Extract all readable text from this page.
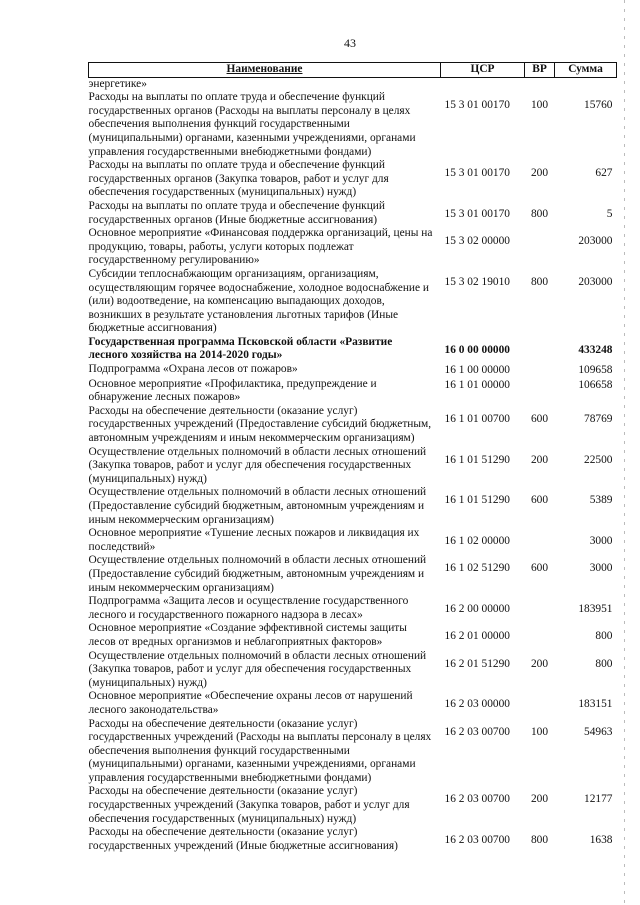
43
Наименование	ЦСР	ВР	Сумма
энергетике»			
Расходы на выплаты по оплате труда и обеспечение функций государственных органов (Расходы на выплаты персоналу в целях обеспечения выполнения функций государственными (муниципальными) органами, казенными учреждениями, органами управления государственными внебюджетными фондами)	15 3 01 00170	100	15760
Расходы на выплаты по оплате труда и обеспечение функций государственных органов (Закупка товаров, работ и услуг для обеспечения государственных (муниципальных) нужд)	15 3 01 00170	200	627
Расходы на выплаты по оплате труда и обеспечение функций государственных органов (Иные бюджетные ассигнования)	15 3 01 00170	800	5
Основное мероприятие «Финансовая поддержка организаций, цены на продукцию, товары, работы, услуги которых подлежат государственному регулированию»	15 3 02 00000		203000
Субсидии теплоснабжающим организациям, организациям, осуществляющим горячее водоснабжение, холодное водоснабжение и (или) водоотведение, на компенсацию выпадающих доходов, возникших в результате установления льготных тарифов (Иные бюджетные ассигнования)	15 3 02 19010	800	203000
Государственная программа Псковской области «Развитие лесного хозяйства на 2014-2020 годы»	16 0 00 00000		433248
Подпрограмма «Охрана лесов от пожаров»	16 1 00 00000		109658
Основное мероприятие «Профилактика, предупреждение и обнаружение лесных пожаров»	16 1 01 00000		106658
Расходы на обеспечение деятельности (оказание услуг) государственных учреждений (Предоставление субсидий бюджетным, автономным учреждениям и иным некоммерческим организациям)	16 1 01 00700	600	78769
Осуществление отдельных полномочий в области лесных отношений (Закупка товаров, работ и услуг для обеспечения государственных (муниципальных) нужд)	16 1 01 51290	200	22500
Осуществление отдельных полномочий в области лесных отношений (Предоставление субсидий бюджетным, автономным учреждениям и иным некоммерческим организациям)	16 1 01 51290	600	5389
Основное мероприятие «Тушение лесных пожаров и ликвидация их последствий»	16 1 02 00000		3000
Осуществление отдельных полномочий в области лесных отношений (Предоставление субсидий бюджетным, автономным учреждениям и иным некоммерческим организациям)	16 1 02 51290	600	3000
Подпрограмма «Защита лесов и осуществление государственного лесного и государственного пожарного надзора в лесах»	16 2 00 00000		183951
Основное мероприятие «Создание эффективной системы защиты лесов от вредных организмов и неблагоприятных факторов»	16 2 01 00000		800
Осуществление отдельных полномочий в области лесных отношений (Закупка товаров, работ и услуг для обеспечения государственных (муниципальных) нужд)	16 2 01 51290	200	800
Основное мероприятие «Обеспечение охраны лесов от нарушений лесного законодательства»	16 2 03 00000		183151
Расходы на обеспечение деятельности (оказание услуг) государственных учреждений (Расходы на выплаты персоналу в целях обеспечения выполнения функций государственными (муниципальными) органами, казенными учреждениями, органами управления государственными внебюджетными фондами)	16 2 03 00700	100	54963
Расходы на обеспечение деятельности (оказание услуг) государственных учреждений (Закупка товаров, работ и услуг для обеспечения государственных (муниципальных) нужд)	16 2 03 00700	200	12177
Расходы на обеспечение деятельности (оказание услуг) государственных учреждений (Иные бюджетные ассигнования)	16 2 03 00700	800	1638
